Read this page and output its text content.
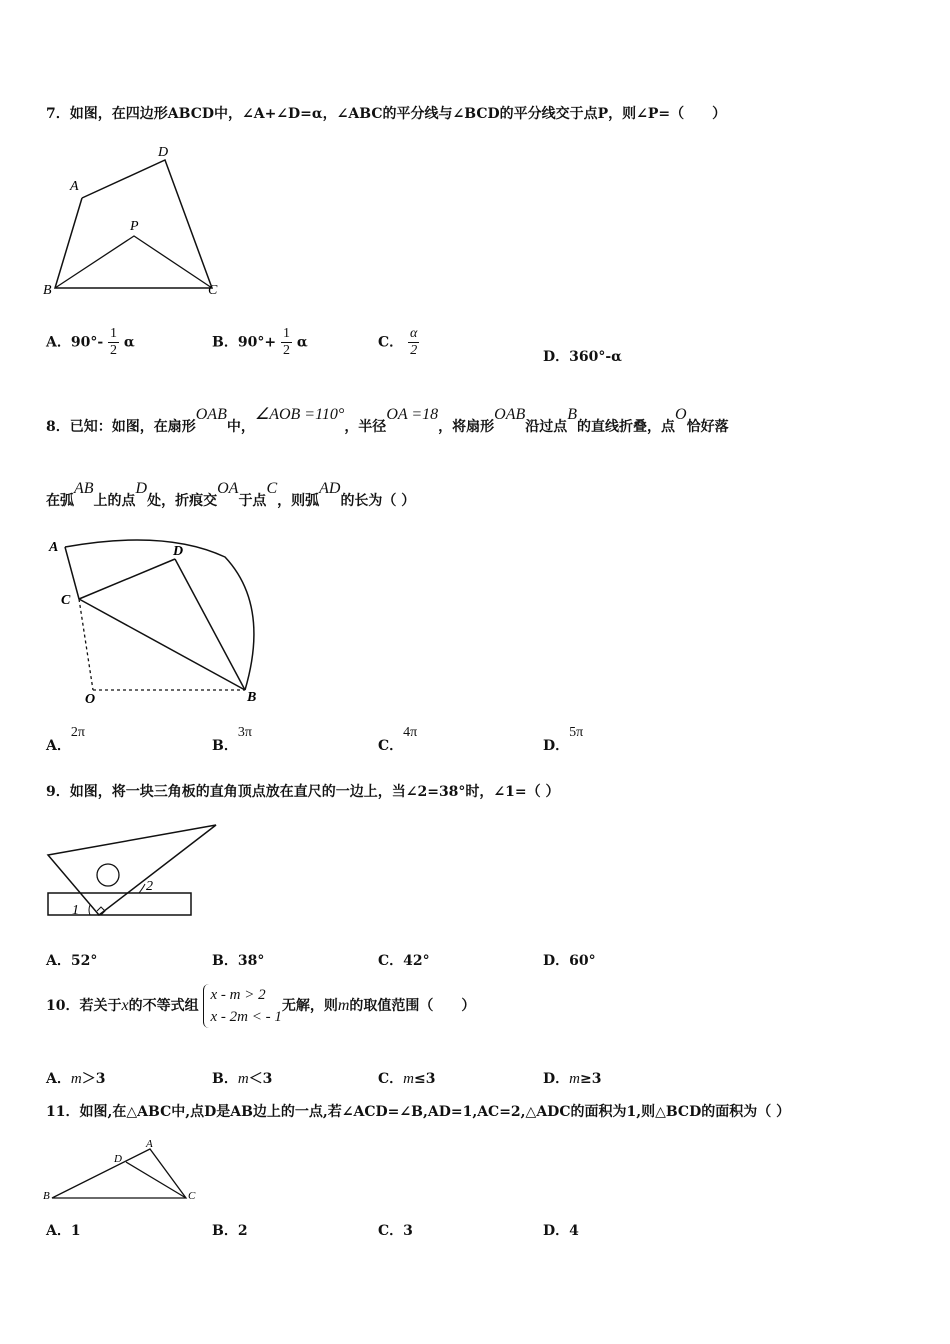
7．如图，在四边形ABCD中，∠A+∠D=α，∠ABC的平分线与∠BCD的平分线交于点P，则∠P=（　　）
A
D
P
B	C
A．$90^\circ- \frac{1}{2}$ α	B．$90^\circ+ \frac{1}{2}$ α	C． $\frac{\alpha}{2}$	D．360°-α
8．已知：如图，在扇形OAB中，∠AOB =110°，半径OA =18，将扇形OAB沿过点B的直线折叠，点O恰好落
在弧AB上的点D处，折痕交OA于点C，则弧AD的长为（ ）
A	D
C
O	B
A．2π
B．3π
C．4π
D．5π
9．如图，将一块三角板的直角顶点放在直尺的一边上，当∠2=38°时，∠1=（ ）
1
2
A．52°	B．38°	C．42°	D．60°
10．若关于x的不等式组
x - m > 2
x - 2m < - 1
无解，则m的取值范围（　　）
A．m＞3	B．m＜3	C．m≤3	D．m≥3
11．如图,在△ABC中,点D是AB边上的一点,若∠ACD=∠B,AD=1,AC=2,△ADC的面积为1,则△BCD的面积为（ ）
A
D
B	C
A．1	B．2	C．3	D．4
